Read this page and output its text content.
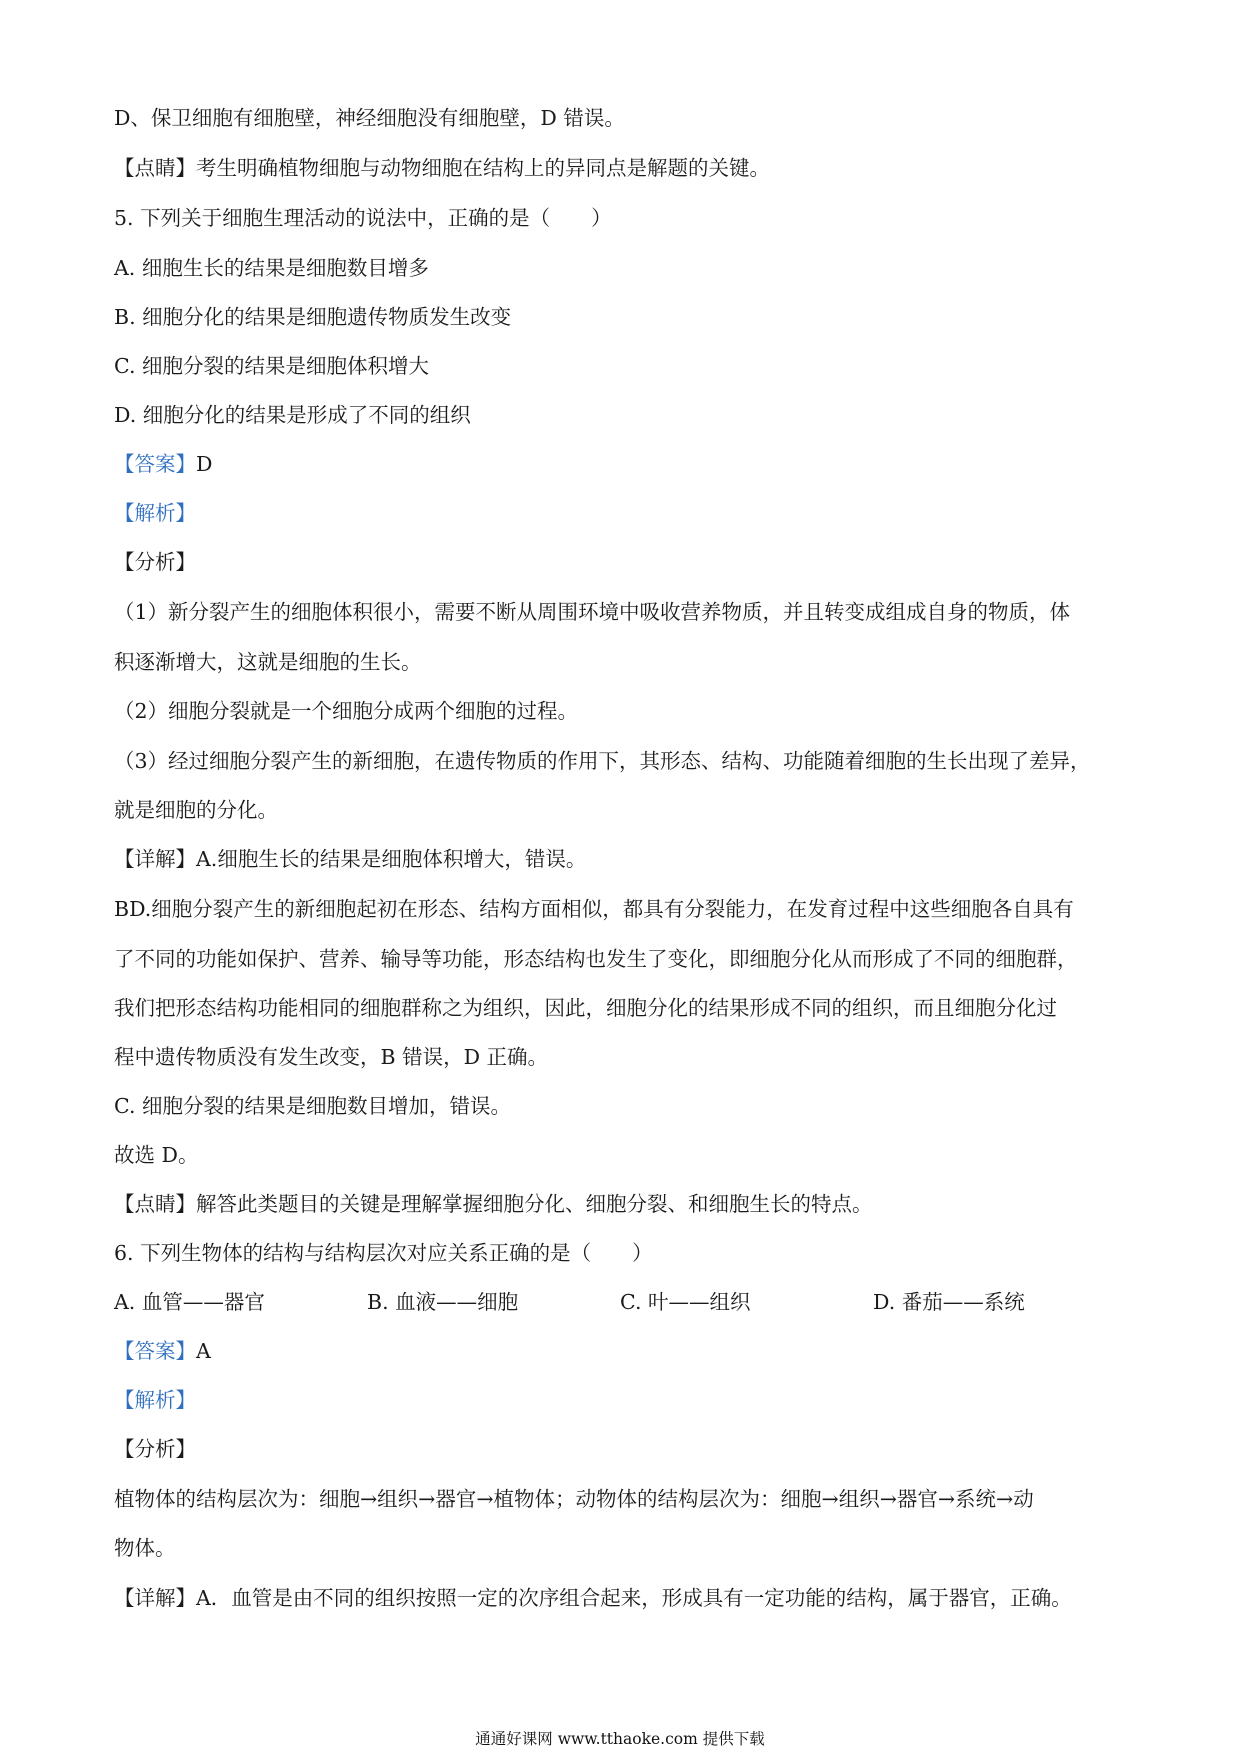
D、保卫细胞有细胞壁，神经细胞没有细胞壁，D 错误。
【点睛】考生明确植物细胞与动物细胞在结构上的异同点是解题的关键。
5. 下列关于细胞生理活动的说法中，正确的是（　　）
A. 细胞生长的结果是细胞数目增多
B. 细胞分化的结果是细胞遗传物质发生改变
C. 细胞分裂的结果是细胞体积增大
D. 细胞分化的结果是形成了不同的组织
【答案】D
【解析】
【分析】
（1）新分裂产生的细胞体积很小，需要不断从周围环境中吸收营养物质，并且转变成组成自身的物质，体
积逐渐增大，这就是细胞的生长。
（2）细胞分裂就是一个细胞分成两个细胞的过程。
（3）经过细胞分裂产生的新细胞，在遗传物质的作用下，其形态、结构、功能随着细胞的生长出现了差异，
就是细胞的分化。
【详解】A.细胞生长的结果是细胞体积增大，错误。
BD.细胞分裂产生的新细胞起初在形态、结构方面相似，都具有分裂能力，在发育过程中这些细胞各自具有
了不同的功能如保护、营养、输导等功能，形态结构也发生了变化，即细胞分化从而形成了不同的细胞群，
我们把形态结构功能相同的细胞群称之为组织，因此，细胞分化的结果形成不同的组织，而且细胞分化过
程中遗传物质没有发生改变，B 错误，D 正确。
C. 细胞分裂的结果是细胞数目增加，错误。
故选 D。
【点睛】解答此类题目的关键是理解掌握细胞分化、细胞分裂、和细胞生长的特点。
6. 下列生物体的结构与结构层次对应关系正确的是（　　）
A. 血管——器官	B. 血液——细胞	C. 叶——组织	D. 番茄——系统
【答案】A
【解析】
【分析】
植物体的结构层次为：细胞→组织→器官→植物体；动物体的结构层次为：细胞→组织→器官→系统→动
物体。
【详解】A．血管是由不同的组织按照一定的次序组合起来，形成具有一定功能的结构，属于器官，正确。
通通好课网 www.tthaoke.com 提供下载
